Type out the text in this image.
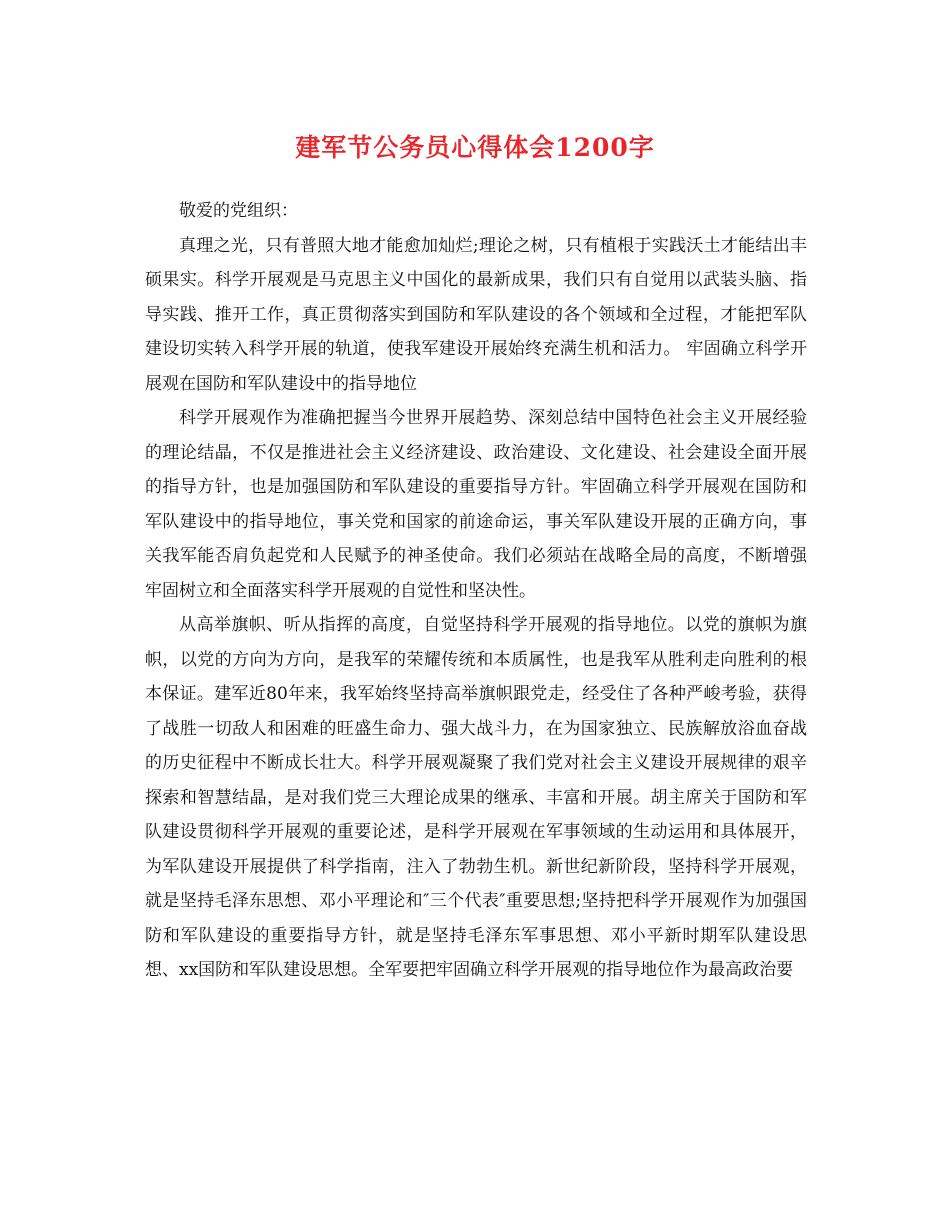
建军节公务员心得体会1200字

敬爱的党组织：

真理之光，只有普照大地才能愈加灿烂;理论之树，只有植根于实践沃土才能结出丰硕果实。科学开展观是马克思主义中国化的最新成果，我们只有自觉用以武装头脑、指导实践、推开工作，真正贯彻落实到国防和军队建设的各个领域和全过程，才能把军队建设切实转入科学开展的轨道，使我军建设开展始终充满生机和活力。 牢固确立科学开展观在国防和军队建设中的指导地位

科学开展观作为准确把握当今世界开展趋势、深刻总结中国特色社会主义开展经验的理论结晶，不仅是推进社会主义经济建设、政治建设、文化建设、社会建设全面开展的指导方针，也是加强国防和军队建设的重要指导方针。牢固确立科学开展观在国防和军队建设中的指导地位，事关党和国家的前途命运，事关军队建设开展的正确方向，事关我军能否肩负起党和人民赋予的神圣使命。我们必须站在战略全局的高度，不断增强牢固树立和全面落实科学开展观的自觉性和坚决性。

从高举旗帜、听从指挥的高度，自觉坚持科学开展观的指导地位。以党的旗帜为旗帜，以党的方向为方向，是我军的荣耀传统和本质属性，也是我军从胜利走向胜利的根本保证。建军近80年来，我军始终坚持高举旗帜跟党走，经受住了各种严峻考验，获得了战胜一切敌人和困难的旺盛生命力、强大战斗力，在为国家独立、民族解放浴血奋战的历史征程中不断成长壮大。科学开展观凝聚了我们党对社会主义建设开展规律的艰辛探索和智慧结晶，是对我们党三大理论成果的继承、丰富和开展。胡主席关于国防和军队建设贯彻科学开展观的重要论述，是科学开展观在军事领域的生动运用和具体展开，为军队建设开展提供了科学指南，注入了勃勃生机。新世纪新阶段，坚持科学开展观，就是坚持毛泽东思想、邓小平理论和″三个代表″重要思想;坚持把科学开展观作为加强国防和军队建设的重要指导方针，就是坚持毛泽东军事思想、邓小平新时期军队建设思想、xx国防和军队建设思想。全军要把牢固确立科学开展观的指导地位作为最高政治要
